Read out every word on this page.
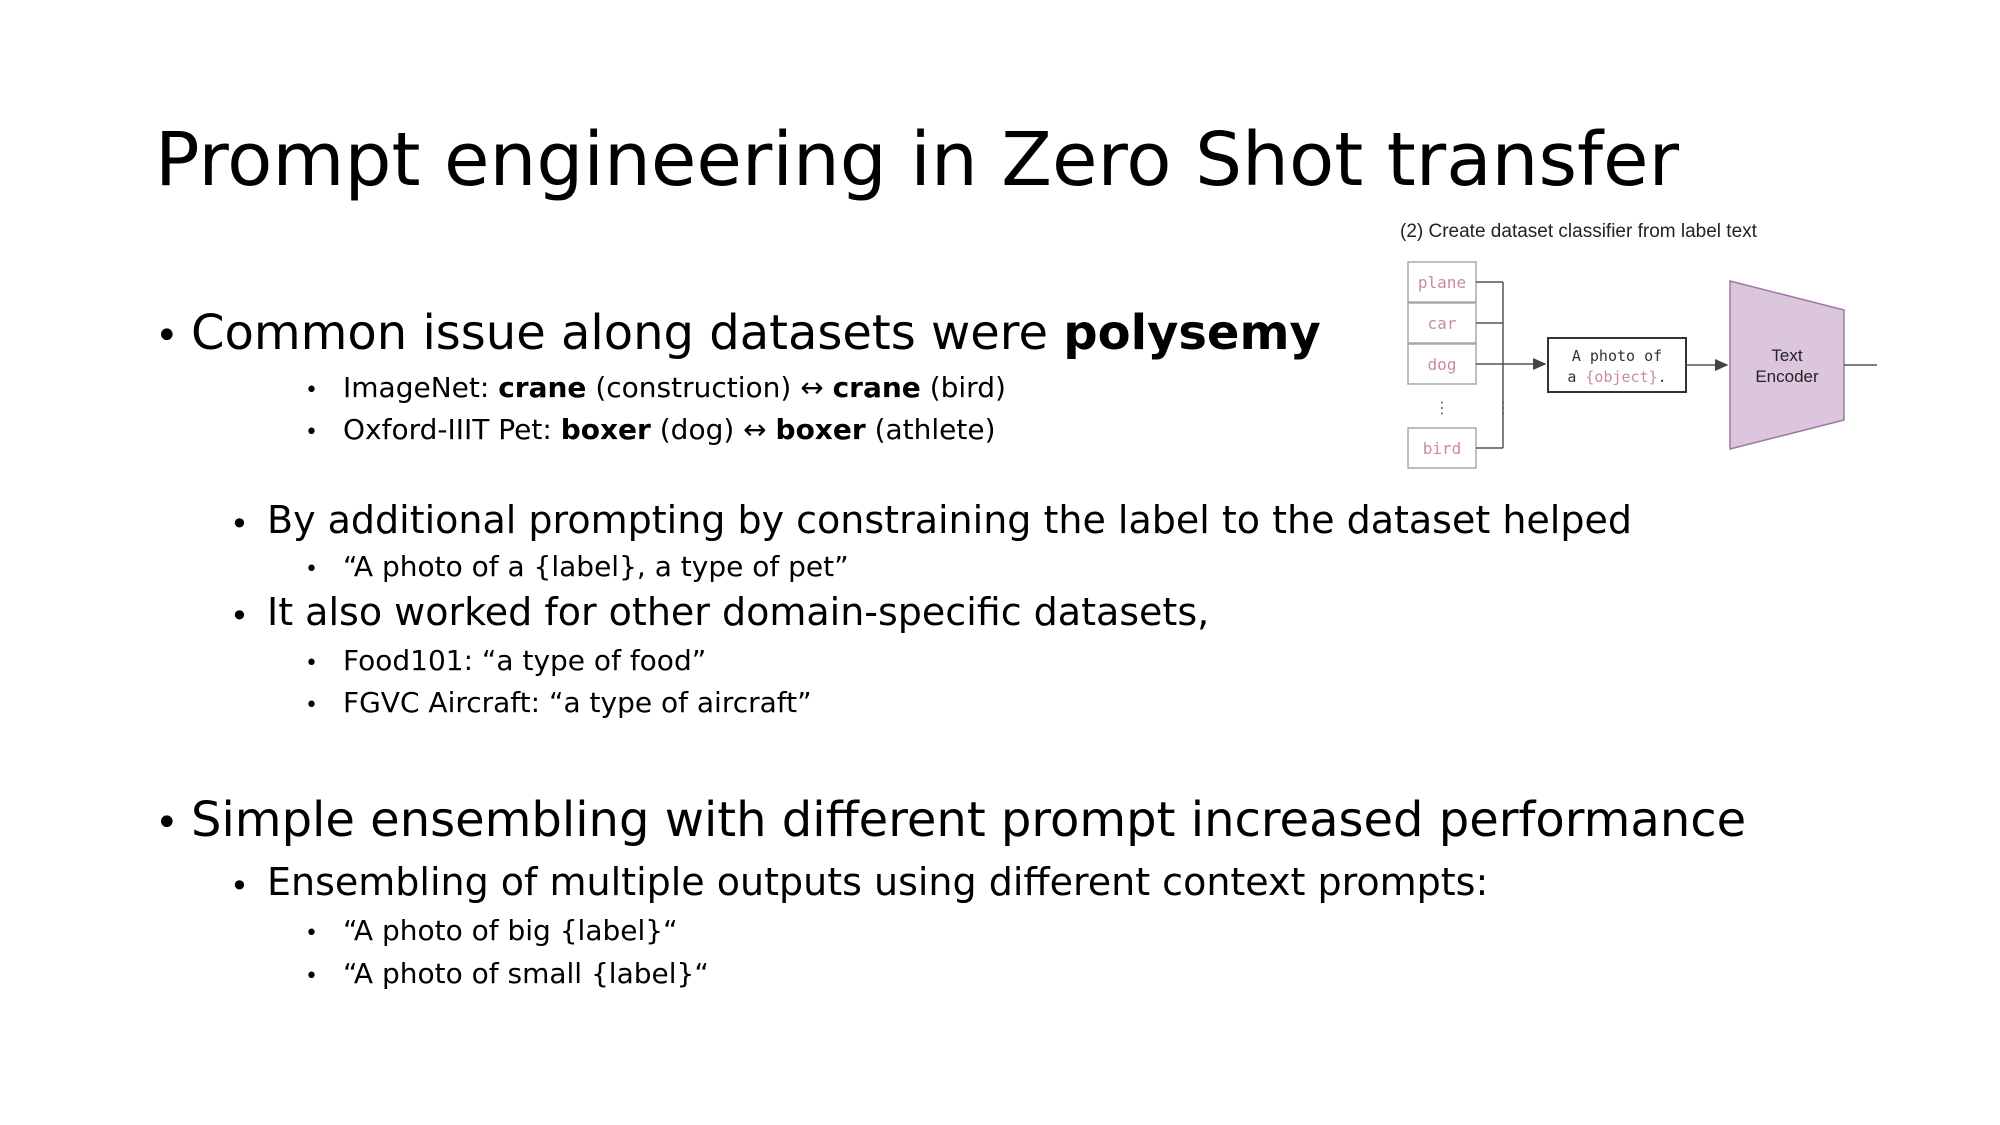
Prompt engineering in Zero Shot transfer
• Common issue along datasets were polysemy
• ImageNet: crane (construction) ↔ crane (bird)
• Oxford-IIIT Pet: boxer (dog) ↔ boxer (athlete)
• By additional prompting by constraining the label to the dataset helped
• “A photo of a {label}, a type of pet”
• It also worked for other domain-specific datasets,
• Food101: “a type of food”
• FGVC Aircraft: “a type of aircraft”
• Simple ensembling with different prompt increased performance
• Ensembling of multiple outputs using different context prompts:
• “A photo of big {label}“
• “A photo of small {label}“
(2) Create dataset classifier from label text
plane
car
dog
⋮	⋮
bird
A photo of
a {object}.
Text
Encoder
